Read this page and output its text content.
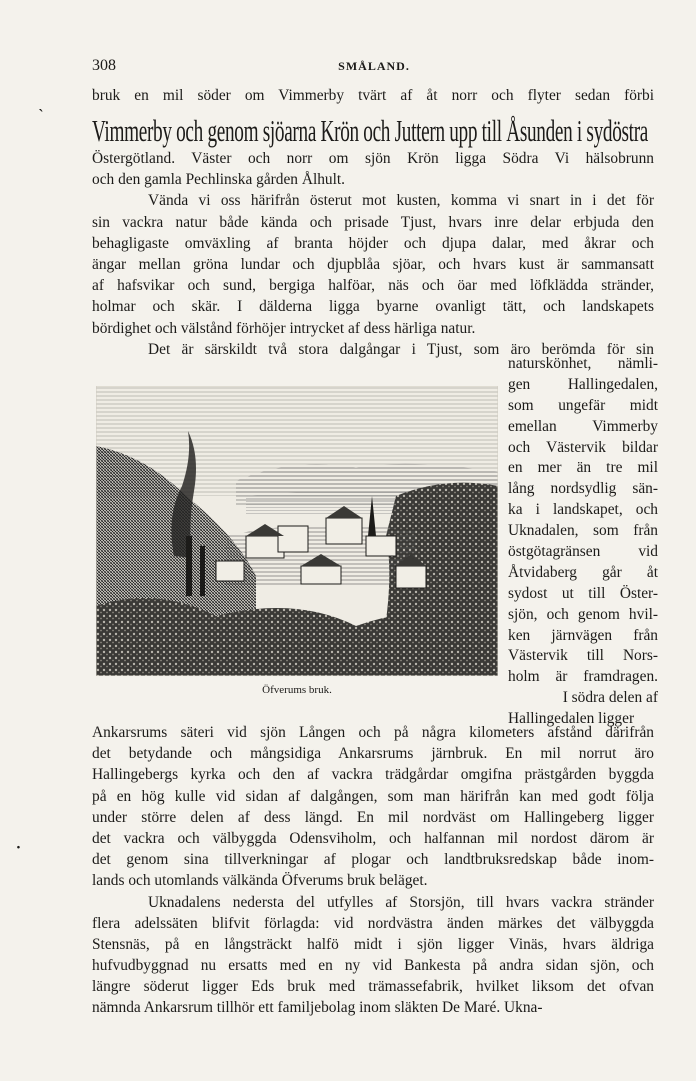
308	SMÅLAND.
bruk en mil söder om Vimmerby tvärt af åt norr och flyter sedan förbi
Vimmerby och genom sjöarna Krön och Juttern upp till Åsunden i sydöstra
Östergötland. Väster och norr om sjön Krön ligga Södra Vi hälsobrunn
och den gamla Pechlinska gården Ålhult.
Vända vi oss härifrån österut mot kusten, komma vi snart in i det för
sin vackra natur både kända och prisade Tjust, hvars inre delar erbjuda den
behagligaste omväxling af branta höjder och djupa dalar, med åkrar och
ängar mellan gröna lundar och djupblåa sjöar, och hvars kust är sammansatt
af hafsvikar och sund, bergiga halföar, näs och öar med löfklädda stränder,
holmar och skär. I dälderna ligga byarne ovanligt tätt, och landskapets
bördighet och välstånd förhöjer intrycket af dess härliga natur.
Det är särskildt två stora dalgångar i Tjust, som äro berömda för sin
naturskönhet, nämli-
gen Hallingedalen,
som ungefär midt
emellan Vimmerby
och Västervik bildar
en mer än tre mil
lång nordsydlig sän-
ka i landskapet, och
Uknadalen, som från
östgötagränsen vid
Åtvidaberg går åt
sydost ut till Öster-
sjön, och genom hvil-
ken järnvägen från
Västervik till Nors-
holm är framdragen.
I södra delen af
Hallingedalen ligger
Öfverums bruk.
Ankarsrums säteri vid sjön Lången och på några kilometers afstånd därifrån
det betydande och mångsidiga Ankarsrums järnbruk. En mil norrut äro
Hallingebergs kyrka och den af vackra trädgårdar omgifna prästgården byggda
på en hög kulle vid sidan af dalgången, som man härifrån kan med godt följa
under större delen af dess längd. En mil nordväst om Hallingeberg ligger
det vackra och välbyggda Odensviholm, och halfannan mil nordost därom är
det genom sina tillverkningar af plogar och landtbruksredskap både inom-
lands och utomlands välkända Öfverums bruk beläget.
Uknadalens nedersta del utfylles af Storsjön, till hvars vackra stränder
flera adelssäten blifvit förlagda: vid nordvästra änden märkes det välbyggda
Stensnäs, på en långsträckt halfö midt i sjön ligger Vinäs, hvars äldriga
hufvudbyggnad nu ersatts med en ny vid Bankesta på andra sidan sjön, och
längre söderut ligger Eds bruk med trämassefabrik, hvilket liksom det ofvan
nämnda Ankarsrum tillhör ett familjebolag inom släkten De Maré. Ukna-
`
·
